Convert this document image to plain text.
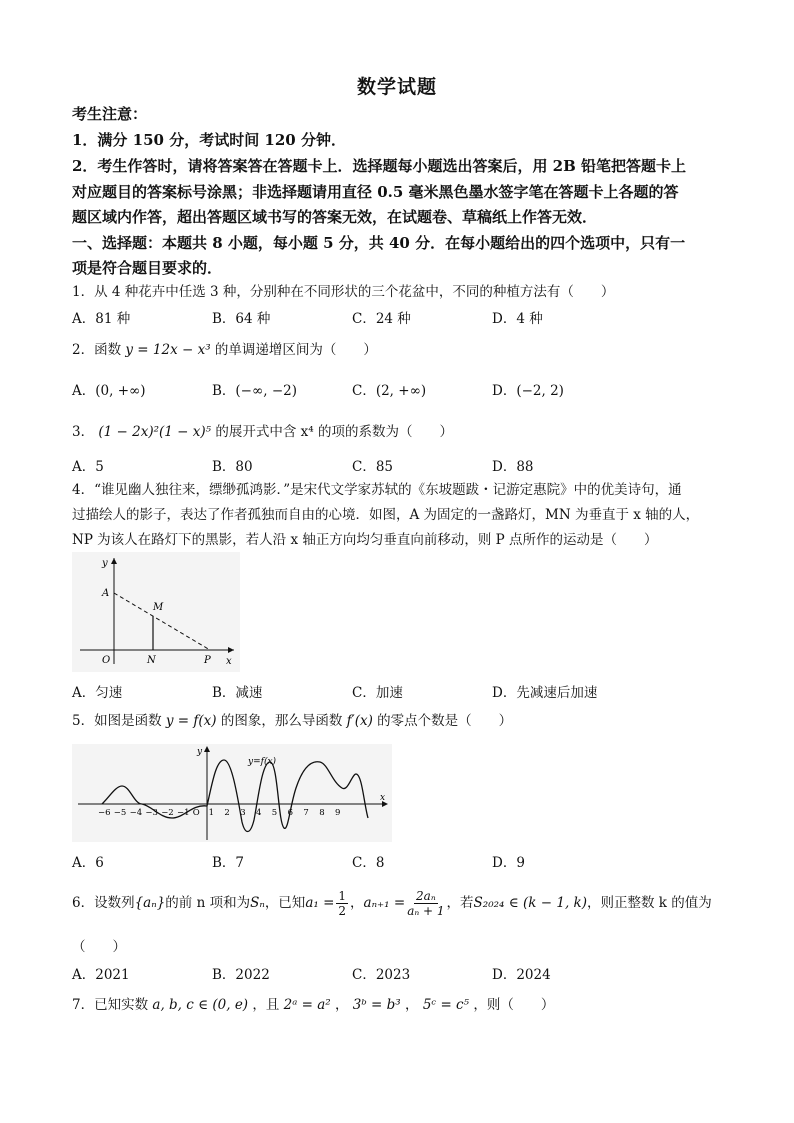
数学试题
考生注意：
1．满分 150 分，考试时间 120 分钟．
2．考生作答时，请将答案答在答题卡上．选择题每小题选出答案后，用 2B 铅笔把答题卡上
对应题目的答案标号涂黑；非选择题请用直径 0.5 毫米黑色墨水签字笔在答题卡上各题的答
题区域内作答，超出答题区域书写的答案无效，在试题卷、草稿纸上作答无效．
一、选择题：本题共 8 小题，每小题 5 分，共 40 分．在每小题给出的四个选项中，只有一
项是符合题目要求的．
1．从 4 种花卉中任选 3 种，分别种在不同形状的三个花盆中，不同的种植方法有（　　）
A．81 种	B．64 种	C．24 种	D．4 种
2．函数 y = 12x − x³ 的单调递增区间为（　　）
A．(0, +∞)	B．(−∞, −2)	C．(2, +∞)	D．(−2, 2)
3． (1 − 2x)²(1 − x)⁵ 的展开式中含 x⁴ 的项的系数为（　　）
A．5	B．80	C．85	D．88
4．“谁见幽人独往来，缥缈孤鸿影．”是宋代文学家苏轼的《东坡题跋・记游定惠院》中的优美诗句，通
过描绘人的影子，表达了作者孤独而自由的心境．如图，A 为固定的一盏路灯，MN 为垂直于 x 轴的人，
NP 为该人在路灯下的黑影，若人沿 x 轴正方向均匀垂直向前移动，则 P 点所作的运动是（　　）
y
x
A
M
O	N	P
A．匀速	B．减速	C．加速	D．先减速后加速
5．如图是函数 y = f(x) 的图象，那么导函数 f′(x) 的零点个数是（　　）
y=f(x)
y
x
−6 −5 −4 −3 −2 −1 O 1 2 3 4 5 6 7 8 9
A．6	B．7	C．8	D．9
6．设数列 {aₙ} 的前 n 项和为 Sₙ ，已知 $a_1 = \frac{1}{2}$ ， $a_{n+1} = \frac{\text{2aₙ}}{\text{aₙ + 1}}$ ，若 S₂₀₂₄ ∈ (k − 1, k) ，则正整数 k 的值为
（　　）
A．2021	B．2022	C．2023	D．2024
7．已知实数 a, b, c ∈ (0, e) ，且 2ᵃ = a² ， 3ᵇ = b³ ， 5ᶜ = c⁵ ，则（　　）
